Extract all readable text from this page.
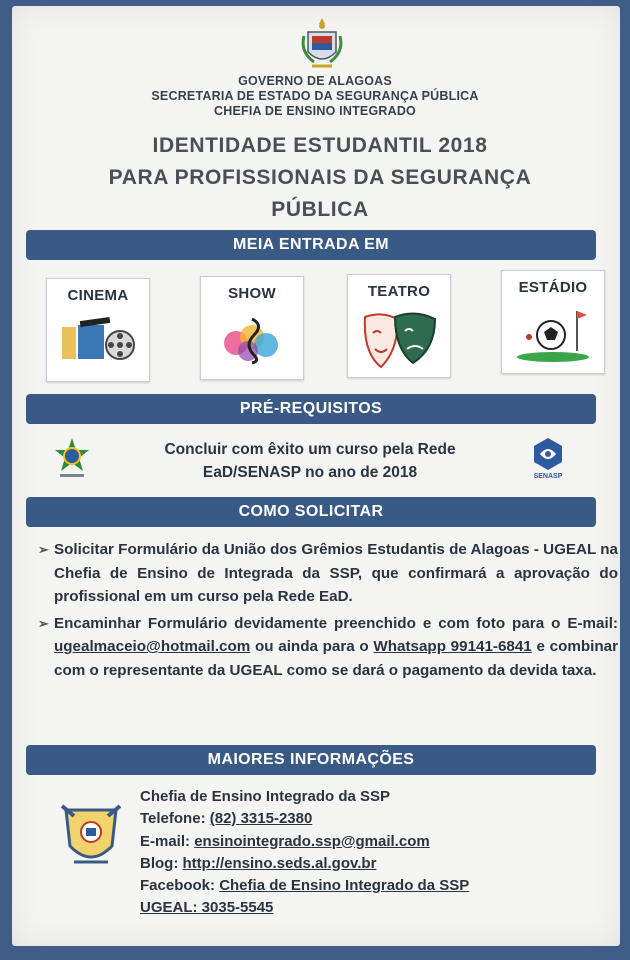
GOVERNO DE ALAGOAS
SECRETARIA DE ESTADO DA SEGURANÇA PÚBLICA
CHEFIA DE ENSINO INTEGRADO
IDENTIDADE ESTUDANTIL 2018
PARA PROFISSIONAIS DA SEGURANÇA
PÚBLICA
MEIA ENTRADA EM
CINEMA	SHOW	TEATRO	ESTÁDIO
PRÉ-REQUISITOS
Concluir com êxito um curso pela Rede
EaD/SENASP no ano de 2018	SENASP
COMO SOLICITAR
➢ Solicitar Formulário da União dos Grêmios Estudantis de Alagoas - UGEAL na Chefia de Ensino de Integrada da SSP, que confirmará a aprovação do profissional em um curso pela Rede EaD.
➢ Encaminhar Formulário devidamente preenchido e com foto para o E-mail: ugealmaceio@hotmail.com ou ainda para o Whatsapp 99141-6841 e combinar com o representante da UGEAL como se dará o pagamento da devida taxa.
MAIORES INFORMAÇÕES
Chefia de Ensino Integrado da SSP
Telefone: (82) 3315-2380
E-mail: ensinointegrado.ssp@gmail.com
Blog: http://ensino.seds.al.gov.br
Facebook: Chefia de Ensino Integrado da SSP
UGEAL: 3035-5545
